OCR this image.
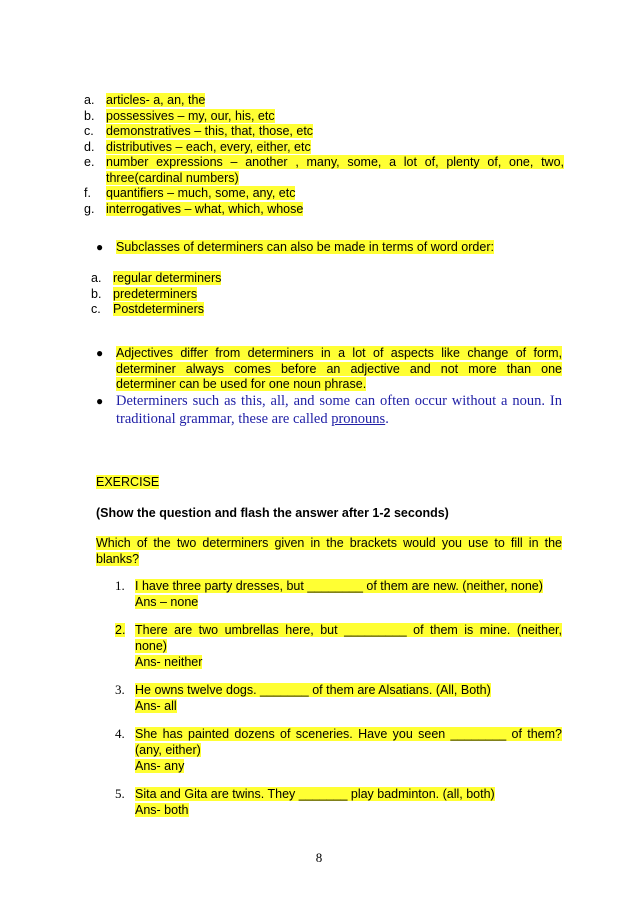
a. articles- a, an, the
b. possessives – my, our, his, etc
c. demonstratives – this, that, those, etc
d. distributives – each, every, either, etc
e. number expressions – another , many, some, a lot of, plenty of, one, two,
three(cardinal numbers)
f.	quantifiers – much, some, any, etc
g. interrogatives – what, which, whose
●	Subclasses of determiners can also be made in terms of word order:
a. regular determiners
b. predeterminers
c. Postdeterminers
●	Adjectives differ from determiners in a lot of aspects like change of form,
determiner always comes before an adjective and not more than one
determiner can be used for one noun phrase.
● Determiners such as this, all, and some can often occur without a noun. In
traditional grammar, these are called pronouns.
EXERCISE
(Show the question and flash the answer after 1-2 seconds)
Which of the two determiners given in the brackets would you use to fill in the
blanks?
1. I have three party dresses, but ________ of them are new. (neither, none)
Ans – none
2. There are two umbrellas here, but _________ of them is mine. (neither,
none)
Ans- neither
3. He owns twelve dogs. _______ of them are Alsatians. (All, Both)
Ans- all
4. She has painted dozens of sceneries. Have you seen ________ of them?
(any, either)
Ans- any
5. Sita and Gita are twins. They _______ play badminton. (all, both)
Ans- both
8
